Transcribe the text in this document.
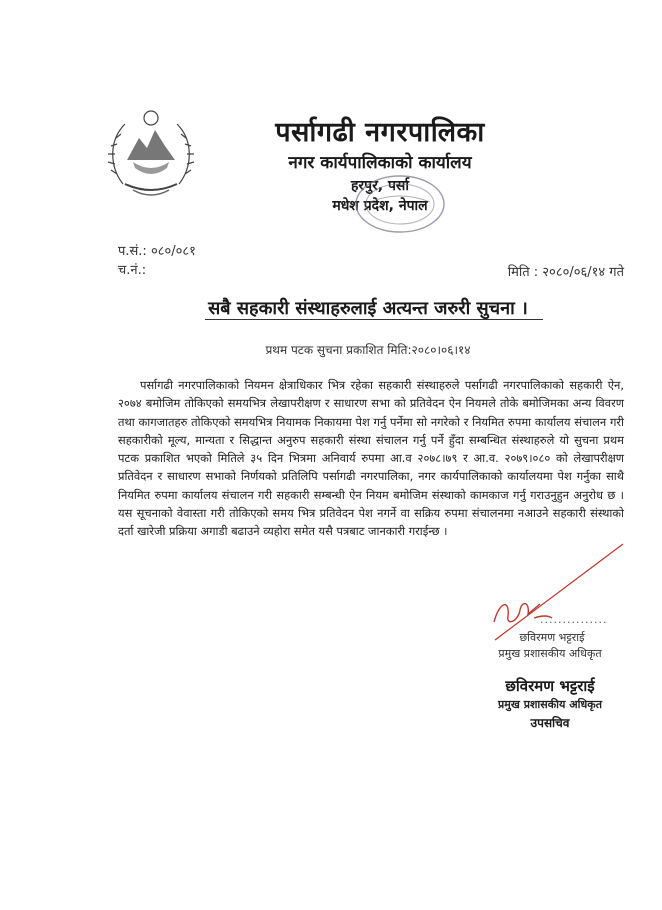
पर्सागढी नगरपालिका
नगर कार्यपालिकाको कार्यालय
हरपुर, पर्सा
मधेश प्रदेश, नेपाल
प.सं.: ०८०/०८१
च.नं.:	मिति : २०८०/०६/१४ गते
सबै सहकारी संस्थाहरुलाई अत्यन्त जरुरी सुचना ।
प्रथम पटक सुचना प्रकाशित मिति:२०८०।०६।१४

पर्सागढी नगरपालिकाको नियमन क्षेत्राधिकार भित्र रहेका सहकारी संस्थाहरुले पर्सागढी नगरपालिकाको सहकारी ऐन, २०७४ बमोजिम तोकिएको समयभित्र लेखापरीक्षण र साधारण सभा को प्रतिवेदन ऐन नियमले तोके बमोजिमका अन्य विवरण तथा कागजातहरु तोकिएको समयभित्र नियामक निकायमा पेश गर्नु पर्नेमा सो नगरेको र नियमित रुपमा कार्यालय संचालन गरी सहकारीको मूल्य, मान्यता र सिद्धान्त अनुरुप सहकारी संस्था संचालन गर्नु पर्ने हुँदा सम्बन्धित संस्थाहरुले यो सुचना प्रथम पटक प्रकाशित भएको मितिले ३५ दिन भित्रमा अनिवार्य रुपमा आ.व २०७८।७९ र आ.व. २०७९।०८० को लेखापरीक्षण प्रतिवेदन र साधारण सभाको निर्णयको प्रतिलिपि पर्सागढी नगरपालिका, नगर कार्यपालिकाको कार्यालयमा पेश गर्नुका साथै नियमित रुपमा कार्यालय संचालन गरी सहकारी सम्बन्धी ऐन नियम बमोजिम संस्थाको कामकाज गर्नु गराउनुहुन अनुरोध छ । यस सूचनाको वेवास्ता गरी तोकिएको समय भित्र प्रतिवेदन पेश नगर्ने वा सक्रिय रुपमा संचालनमा नआउने सहकारी संस्थाको दर्ता खारेजी प्रक्रिया अगाडी बढाउने व्यहोरा समेत यसै पत्रबाट जानकारी गराईन्छ ।

...............
छविरमण भट्टराई
प्रमुख प्रशासकीय अधिकृत
छविरमण भट्टराई
प्रमुख प्रशासकीय अधिकृत
उपसचिव
